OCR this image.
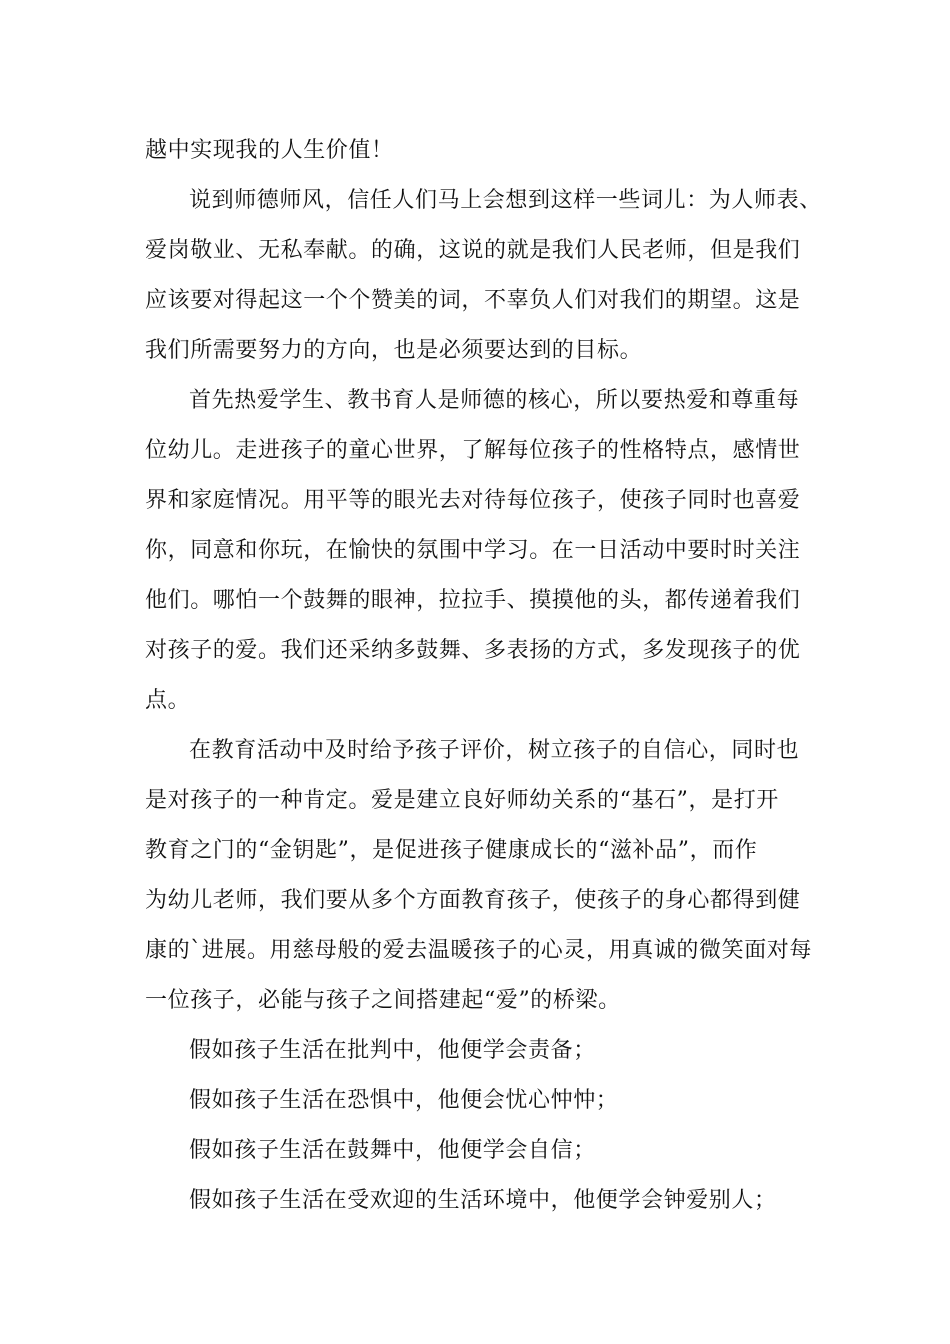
越中实现我的人生价值！
说到师德师风，信任人们马上会想到这样一些词儿：为人师表、
爱岗敬业、无私奉献。的确，这说的就是我们人民老师，但是我们
应该要对得起这一个个赞美的词，不辜负人们对我们的期望。这是
我们所需要努力的方向，也是必须要达到的目标。
首先热爱学生、教书育人是师德的核心，所以要热爱和尊重每
位幼儿。走进孩子的童心世界，了解每位孩子的性格特点，感情世
界和家庭情况。用平等的眼光去对待每位孩子，使孩子同时也喜爱
你，同意和你玩，在愉快的氛围中学习。在一日活动中要时时关注
他们。哪怕一个鼓舞的眼神，拉拉手、摸摸他的头，都传递着我们
对孩子的爱。我们还采纳多鼓舞、多表扬的方式，多发现孩子的优
点。
在教育活动中及时给予孩子评价，树立孩子的自信心，同时也
是对孩子的一种肯定。爱是建立良好师幼关系的“基石”，是打开
教育之门的“金钥匙”，是促进孩子健康成长的“滋补品”，而作
为幼儿老师，我们要从多个方面教育孩子，使孩子的身心都得到健
康的`进展。用慈母般的爱去温暖孩子的心灵，用真诚的微笑面对每
一位孩子，必能与孩子之间搭建起“爱”的桥梁。
假如孩子生活在批判中，他便学会责备；
假如孩子生活在恐惧中，他便会忧心忡忡；
假如孩子生活在鼓舞中，他便学会自信；
假如孩子生活在受欢迎的生活环境中，他便学会钟爱别人；
